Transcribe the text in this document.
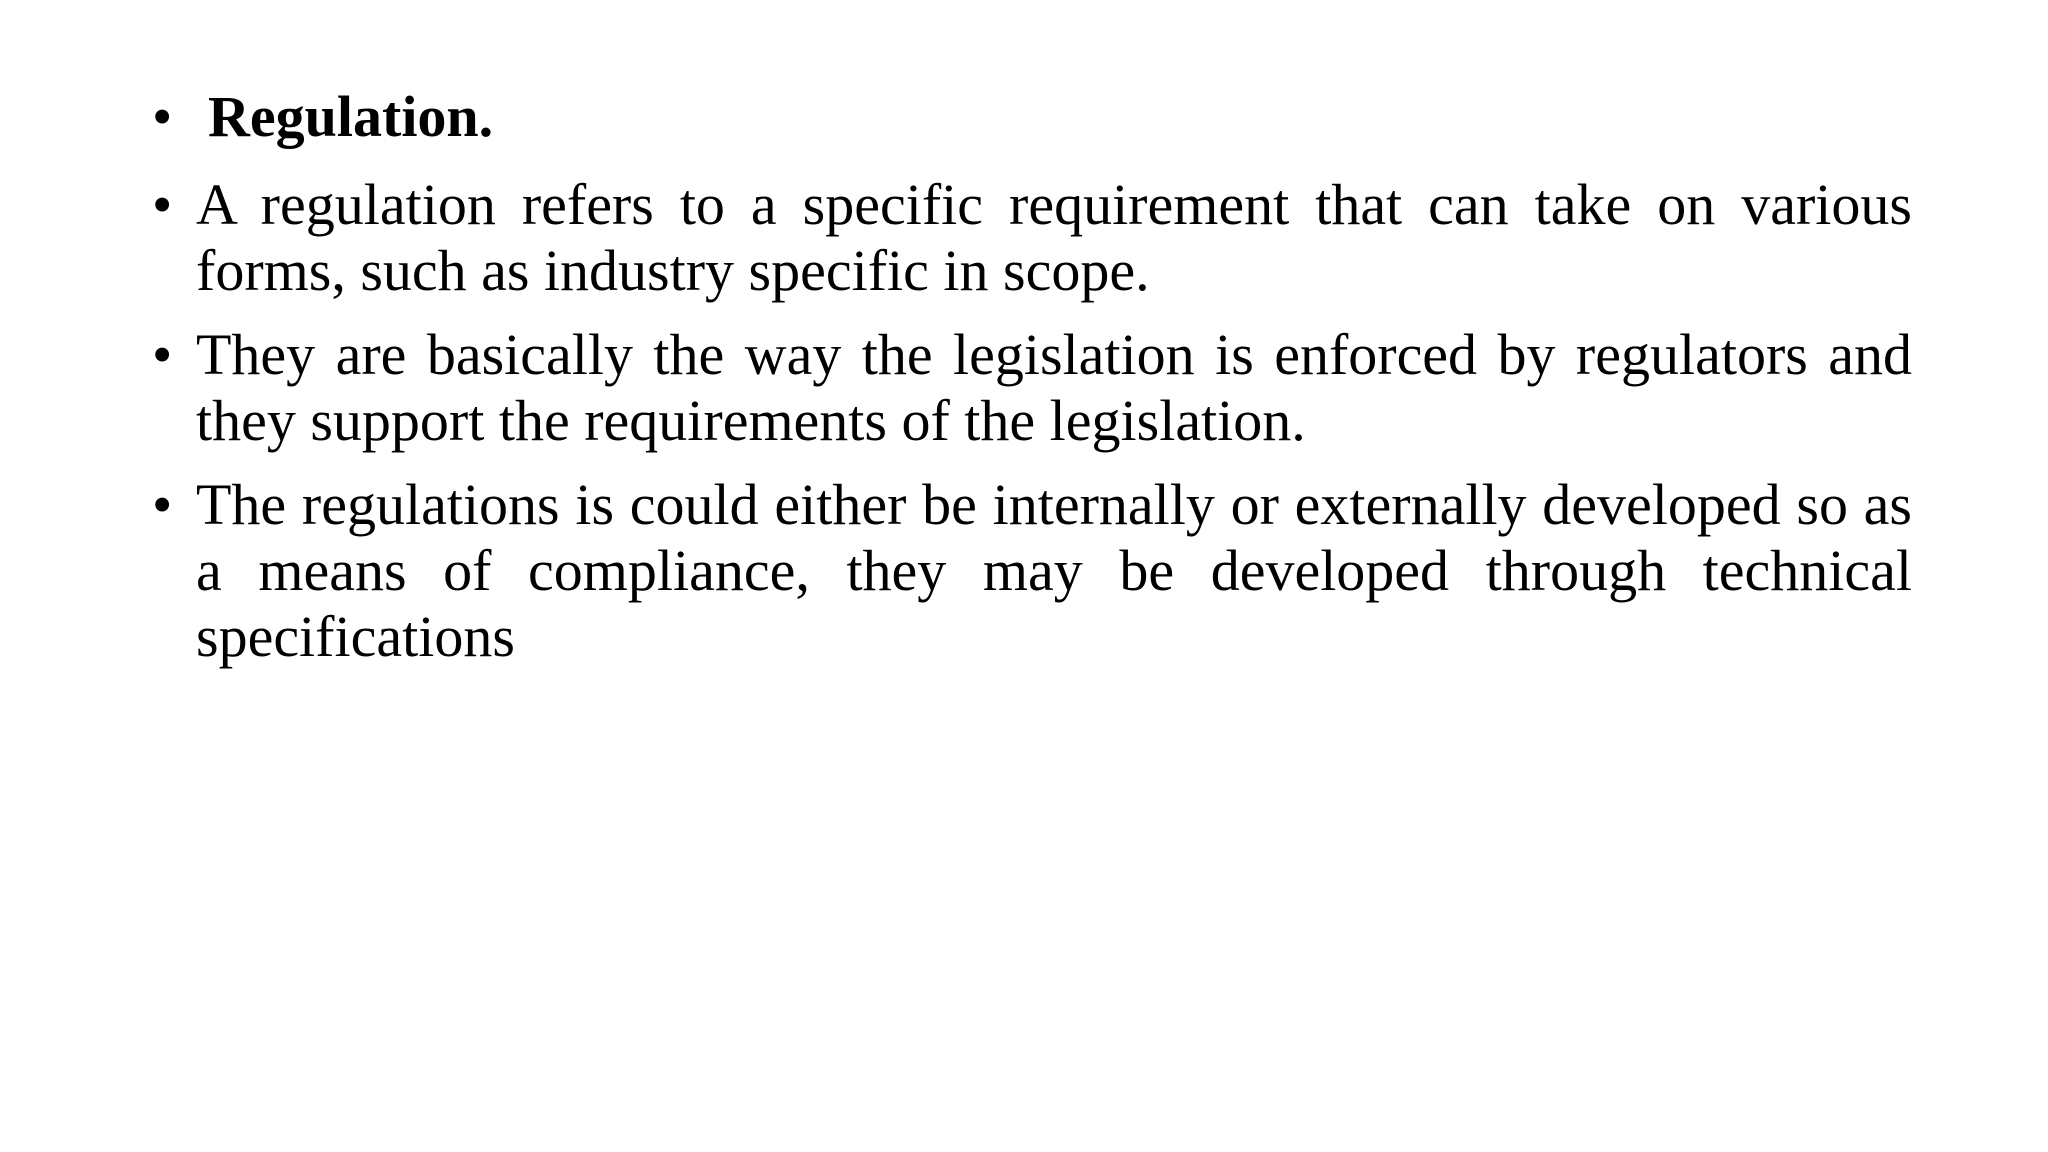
• Regulation.
• A regulation refers to a specific requirement that can take on various forms, such as industry specific in scope.
• They are basically the way the legislation is enforced by regulators and they support the requirements of the legislation.
• The regulations is could either be internally or externally developed so as a means of compliance, they may be developed through technical specifications
